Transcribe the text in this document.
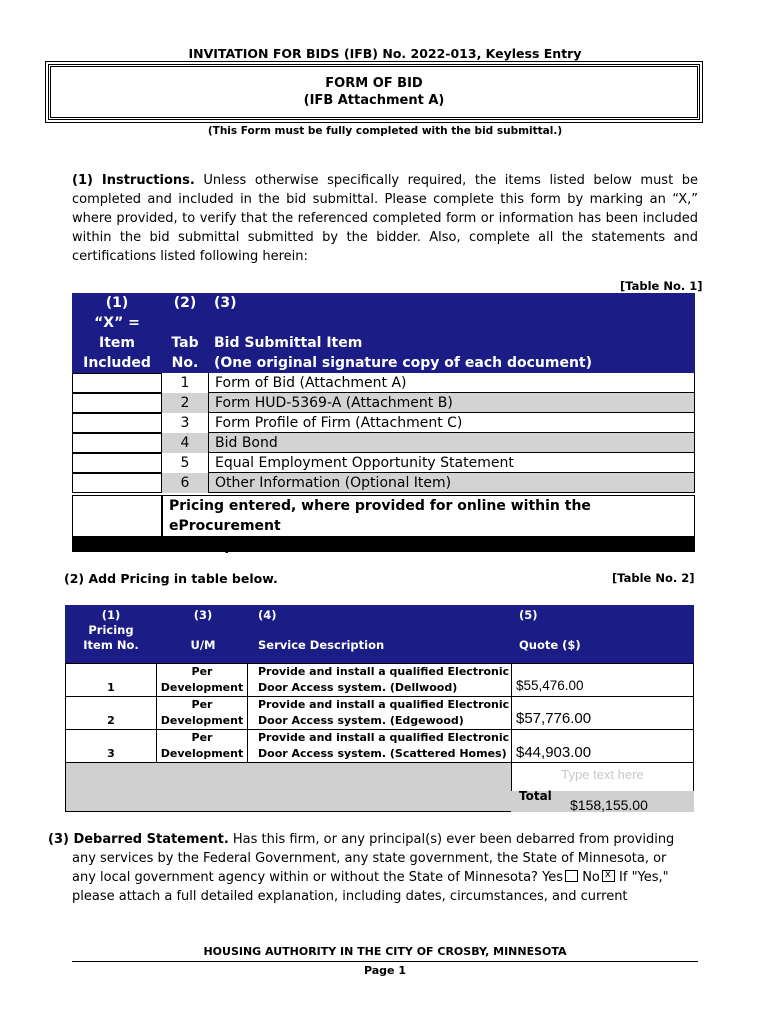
INVITATION FOR BIDS (IFB) No. 2022-013, Keyless Entry
FORM OF BID
(IFB Attachment A)
(This Form must be fully completed with the bid submittal.)
(1) Instructions. Unless otherwise specifically required, the items listed below must be completed and included in the bid submittal. Please complete this form by marking an “X,” where provided, to verify that the referenced completed form or information has been included within the bid submittal submitted by the bidder. Also, complete all the statements and certifications listed following herein:
[Table No. 1]
(1)
“X” =
Item
Included
(2)

Tab
No.
(3)

Bid Submittal Item
(One original signature copy of each document)
1	Form of Bid (Attachment A)
2	Form HUD-5369-A (Attachment B)
3	Form Profile of Firm (Attachment C)
4	Bid Bond
5	Equal Employment Opportunity Statement
6	Other Information (Optional Item)
Pricing entered, where provided for online within the eProcurement
(2) Add Pricing in table below.	[Table No. 2]
(1)
Pricing
Item No.
(3)

U/M
(4)

Service Description
(5)

Quote ($)
1
Per
Development
Provide and install a qualified Electronic
Door Access system. (Dellwood)	$55,476.00
2
Per
Development
Provide and install a qualified Electronic
Door Access system. (Edgewood)	$57,776.00
3
Per
Development
Provide and install a qualified Electronic
Door Access system. (Scattered Homes) $44,903.00
Type text here
Total
$158,155.00
(3) Debarred Statement. Has this firm, or any principal(s) ever been debarred from providing
any services by the Federal Government, any state government, the State of Minnesota, or
any local government agency within or without the State of Minnesota? Yes Nox If "Yes,"
please attach a full detailed explanation, including dates, circumstances, and current
HOUSING AUTHORITY IN THE CITY OF CROSBY, MINNESOTA
Page 1
